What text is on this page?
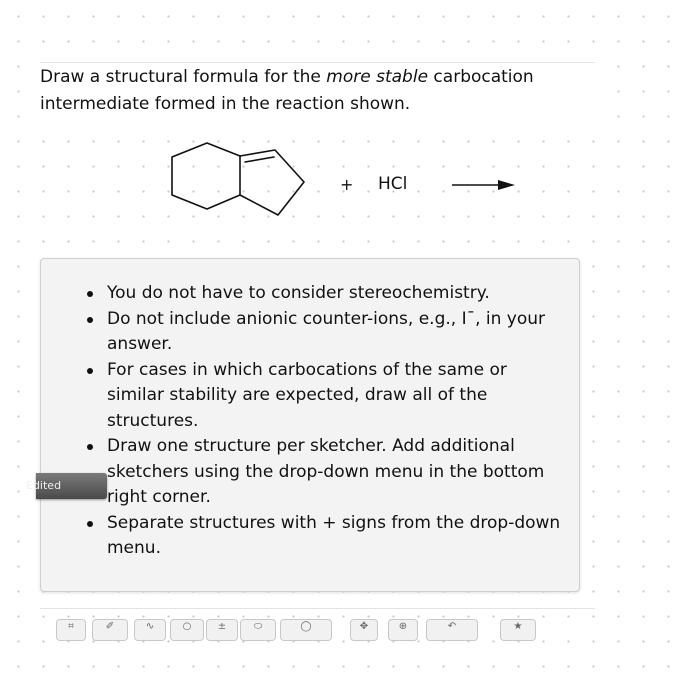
Draw a structural formula for the more stable carbocation intermediate formed in the reaction shown.
+ HCl
You do not have to consider stereochemistry.
Do not include anionic counter-ions, e.g., I¯, in your answer.
For cases in which carbocations of the same or similar stability are expected, draw all of the structures.
Draw one structure per sketcher. Add additional sketchers using the drop-down menu in the bottom right corner.
Separate structures with + signs from the drop-down menu.
Edited
⌗	✐	∿	○	±	⬭	◯	✥	⊕	↶	★
